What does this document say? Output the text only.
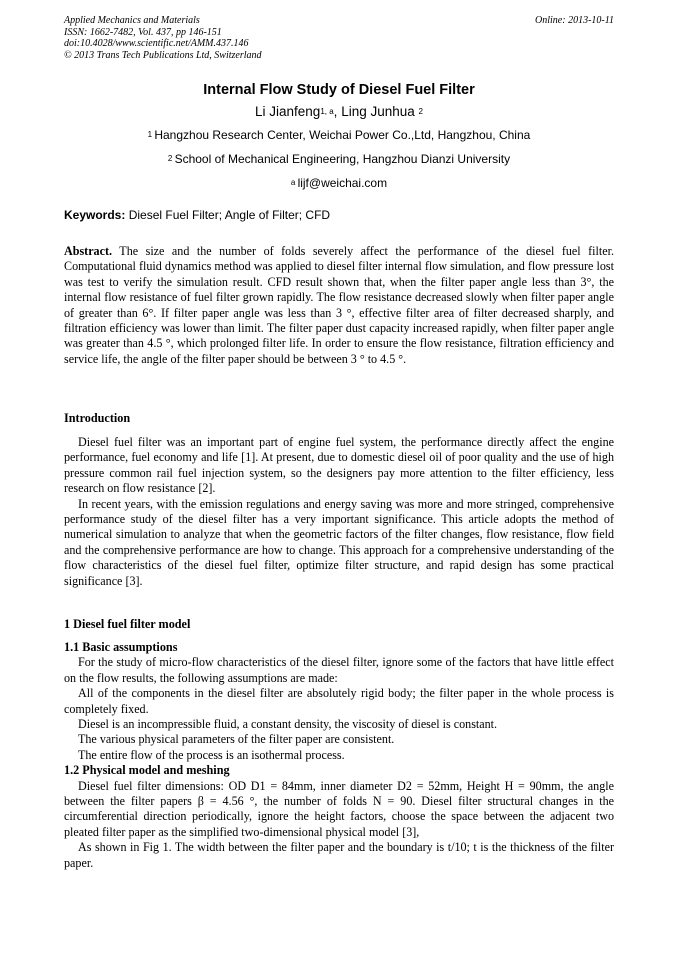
Applied Mechanics and Materials
ISSN: 1662-7482, Vol. 437, pp 146-151
doi:10.4028/www.scientific.net/AMM.437.146
© 2013 Trans Tech Publications Ltd, Switzerland
Online: 2013-10-11
Internal Flow Study of Diesel Fuel Filter
Li Jianfeng$^{1, a}$, Ling Junhua $^2$
$^1$ Hangzhou Research Center, Weichai Power Co.,Ltd, Hangzhou, China
$^2$ School of Mechanical Engineering, Hangzhou Dianzi University
$^a$ lijf@weichai.com
Keywords: Diesel Fuel Filter; Angle of Filter; CFD
Abstract. The size and the number of folds severely affect the performance of the diesel fuel filter. Computational fluid dynamics method was applied to diesel filter internal flow simulation, and flow pressure lost was test to verify the simulation result. CFD result shown that, when the filter paper angle less than 3°, the internal flow resistance of fuel filter grown rapidly. The flow resistance decreased slowly when filter paper angle of greater than 6°. If filter paper angle was less than 3 °, effective filter area of filter decreased sharply, and filtration efficiency was lower than limit. The filter paper dust capacity increased rapidly, when filter paper angle was greater than 4.5 °, which prolonged filter life. In order to ensure the flow resistance, filtration efficiency and service life, the angle of the filter paper should be between 3 ° to 4.5 °.
Introduction

Diesel fuel filter was an important part of engine fuel system, the performance directly affect the engine performance, fuel economy and life [1]. At present, due to domestic diesel oil of poor quality and the use of high pressure common rail fuel injection system, so the designers pay more attention to the filter efficiency, less research on flow resistance [2].

In recent years, with the emission regulations and energy saving was more and more stringed, comprehensive performance study of the diesel filter has a very important significance. This article adopts the method of numerical simulation to analyze that when the geometric factors of the filter changes, flow resistance, flow field and the comprehensive performance are how to change. This approach for a comprehensive understanding of the flow characteristics of the diesel fuel filter, optimize filter structure, and rapid design has some practical significance [3].

1 Diesel fuel filter model
1.1 Basic assumptions

For the study of micro-flow characteristics of the diesel filter, ignore some of the factors that have little effect on the flow results, the following assumptions are made:

All of the components in the diesel filter are absolutely rigid body; the filter paper in the whole process is completely fixed.

Diesel is an incompressible fluid, a constant density, the viscosity of diesel is constant.

The various physical parameters of the filter paper are consistent.

The entire flow of the process is an isothermal process.

1.2 Physical model and meshing

Diesel fuel filter dimensions: OD D1 = 84mm, inner diameter D2 = 52mm, Height H = 90mm, the angle between the filter papers β = 4.56 °, the number of folds N = 90. Diesel filter structural changes in the circumferential direction periodically, ignore the height factors, choose the space between the adjacent two pleated filter paper as the simplified two-dimensional physical model [3],

As shown in Fig 1. The width between the filter paper and the boundary is t/10; t is the thickness of the filter paper.
